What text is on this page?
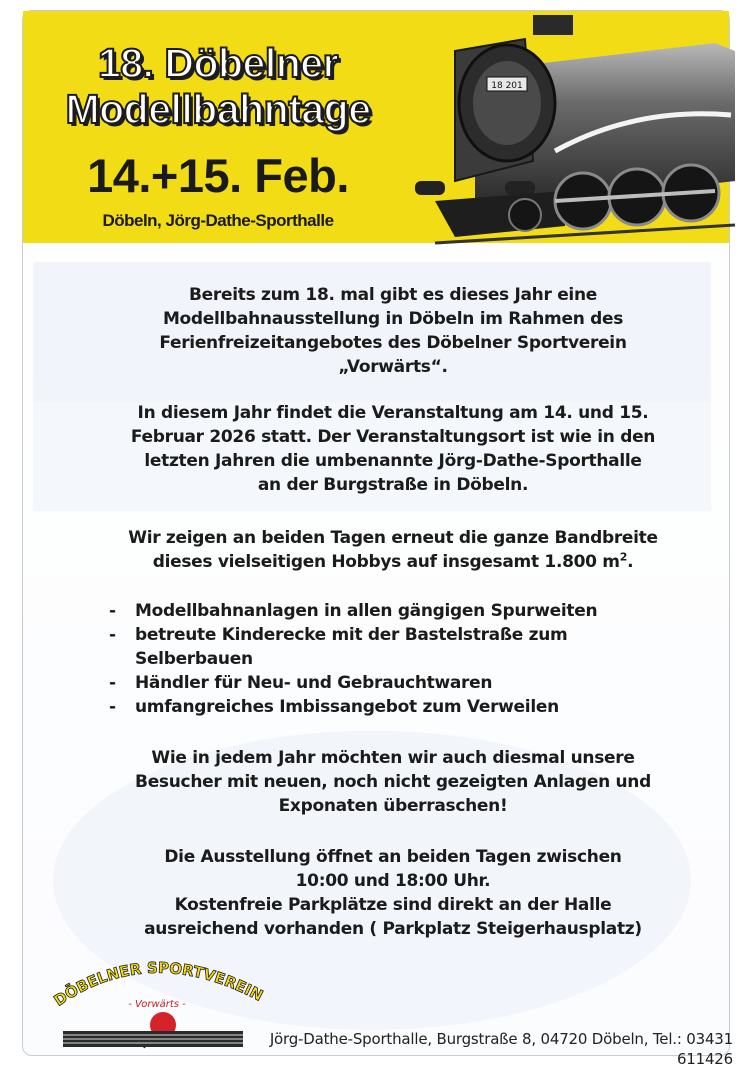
18. Döbelner
Modellbahntage
14.+15. Feb.
Döbeln, Jörg-Dathe-Sporthalle
18 201

Bereits zum 18. mal gibt es dieses Jahr eine

Modellbahnausstellung in Döbeln im Rahmen des

Ferienfreizeitangebotes des Döbelner Sportverein

„Vorwärts“.

In diesem Jahr findet die Veranstaltung am 14. und 15.

Februar 2026 statt. Der Veranstaltungsort ist wie in den

letzten Jahren die umbenannte Jörg-Dathe-Sporthalle

an der Burgstraße in Döbeln.

Wir zeigen an beiden Tagen erneut die ganze Bandbreite

dieses vielseitigen Hobbys auf insgesamt 1.800 $m^2$.

- Modellbahnanlagen in allen gängigen Spurweiten
- betreute Kinderecke mit der Bastelstraße zum Selberbauen
- Händler für Neu- und Gebrauchtwaren
- umfangreiches Imbissangebot zum Verweilen

Wie in jedem Jahr möchten wir auch diesmal unsere

Besucher mit neuen, noch nicht gezeigten Anlagen und

Exponaten überraschen!

Die Ausstellung öffnet an beiden Tagen zwischen

10:00 und 18:00 Uhr.

Kostenfreie Parkplätze sind direkt an der Halle

ausreichend vorhanden ( Parkplatz Steigerhausplatz)

DÖBELNER SPORTVEREIN
- Vorwärts -
Jörg-Dathe-Sporthalle, Burgstraße 8, 04720 Döbeln, Tel.: 03431 611426
